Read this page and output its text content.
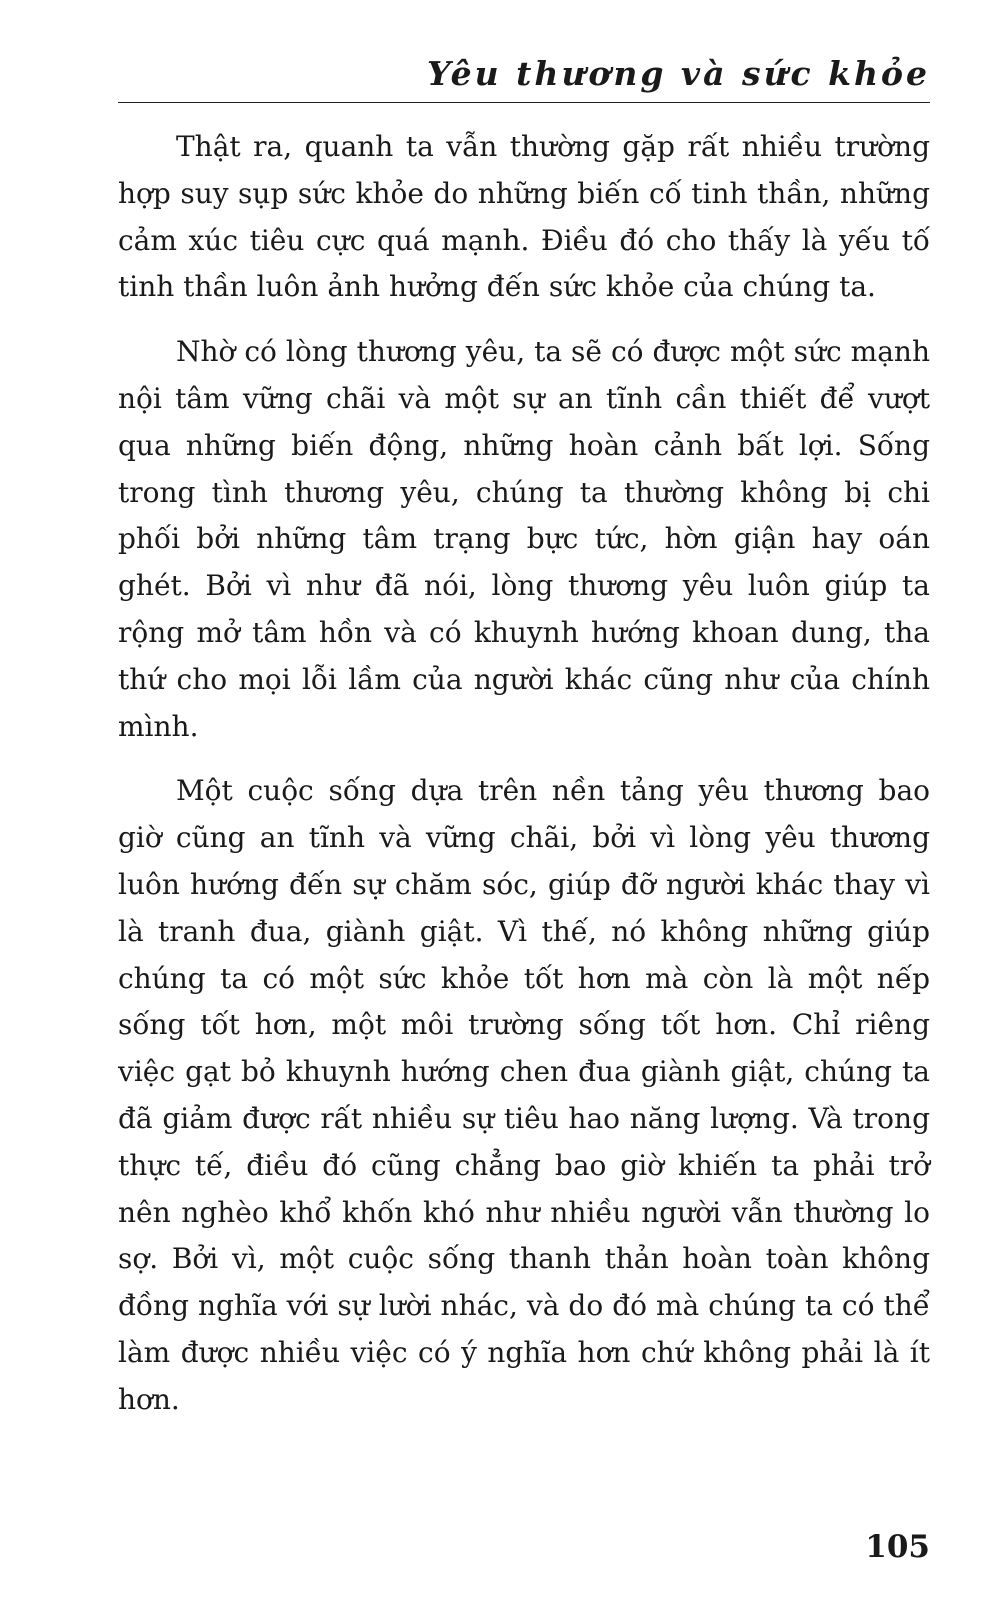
Yêu thương và sức khỏe

Thật ra, quanh ta vẫn thường gặp rất nhiều trường hợp suy sụp sức khỏe do những biến cố tinh thần, những cảm xúc tiêu cực quá mạnh. Điều đó cho thấy là yếu tố tinh thần luôn ảnh hưởng đến sức khỏe của chúng ta.

Nhờ có lòng thương yêu, ta sẽ có được một sức mạnh nội tâm vững chãi và một sự an tĩnh cần thiết để vượt qua những biến động, những hoàn cảnh bất lợi. Sống trong tình thương yêu, chúng ta thường không bị chi phối bởi những tâm trạng bực tức, hờn giận hay oán ghét. Bởi vì như đã nói, lòng thương yêu luôn giúp ta rộng mở tâm hồn và có khuynh hướng khoan dung, tha thứ cho mọi lỗi lầm của người khác cũng như của chính mình.

Một cuộc sống dựa trên nền tảng yêu thương bao giờ cũng an tĩnh và vững chãi, bởi vì lòng yêu thương luôn hướng đến sự chăm sóc, giúp đỡ người khác thay vì là tranh đua, giành giật. Vì thế, nó không những giúp chúng ta có một sức khỏe tốt hơn mà còn là một nếp sống tốt hơn, một môi trường sống tốt hơn. Chỉ riêng việc gạt bỏ khuynh hướng chen đua giành giật, chúng ta đã giảm được rất nhiều sự tiêu hao năng lượng. Và trong thực tế, điều đó cũng chẳng bao giờ khiến ta phải trở nên nghèo khổ khốn khó như nhiều người vẫn thường lo sợ. Bởi vì, một cuộc sống thanh thản hoàn toàn không đồng nghĩa với sự lười nhác, và do đó mà chúng ta có thể làm được nhiều việc có ý nghĩa hơn chứ không phải là ít hơn.

105
